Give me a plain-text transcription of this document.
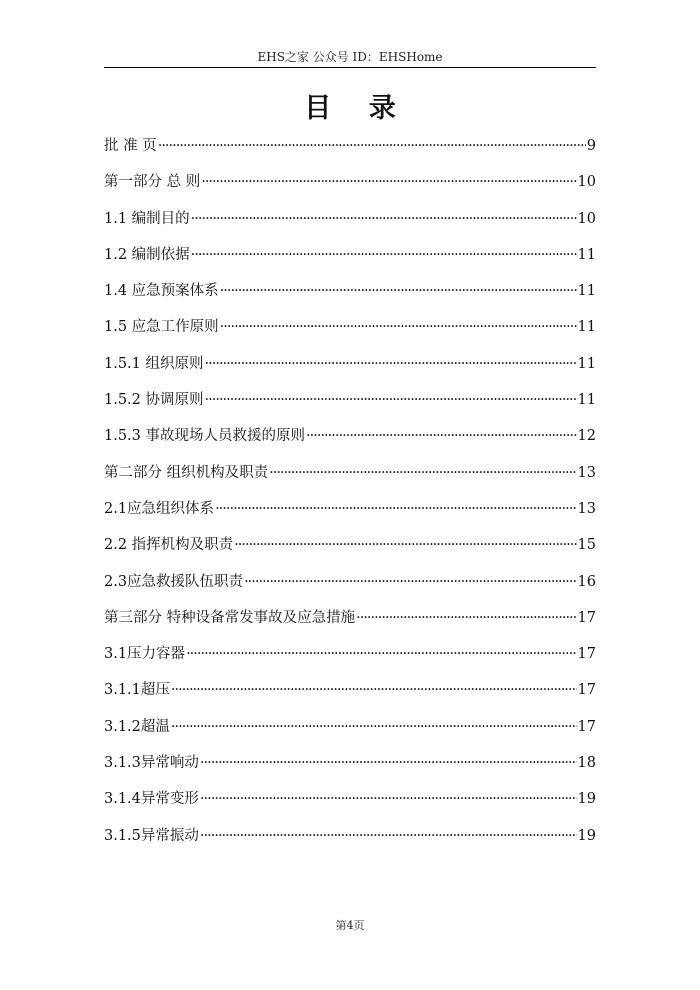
EHS之家 公众号 ID：EHSHome
目 录
批 准 页 ·····	9
第一部分 总 则 ·····	10
1.1 编制目的 ·····	10
1.2 编制依据 ·····	11
1.4 应急预案体系 ·····	11
1.5 应急工作原则 ·····	11
1.5.1 组织原则 ·····	11
1.5.2 协调原则 ·····	11
1.5.3 事故现场人员救援的原则 ·····	12
第二部分 组织机构及职责 ·····	13
2.1应急组织体系 ·····	13
2.2 指挥机构及职责 ·····	15
2.3应急救援队伍职责 ·····	16
第三部分 特种设备常发事故及应急措施 ·····	17
3.1压力容器 ·····	17
3.1.1超压 ·····	17
3.1.2超温 ·····	17
3.1.3异常响动 ·····	18
3.1.4异常变形 ·····	19
3.1.5异常振动 ·····	19
第4页
